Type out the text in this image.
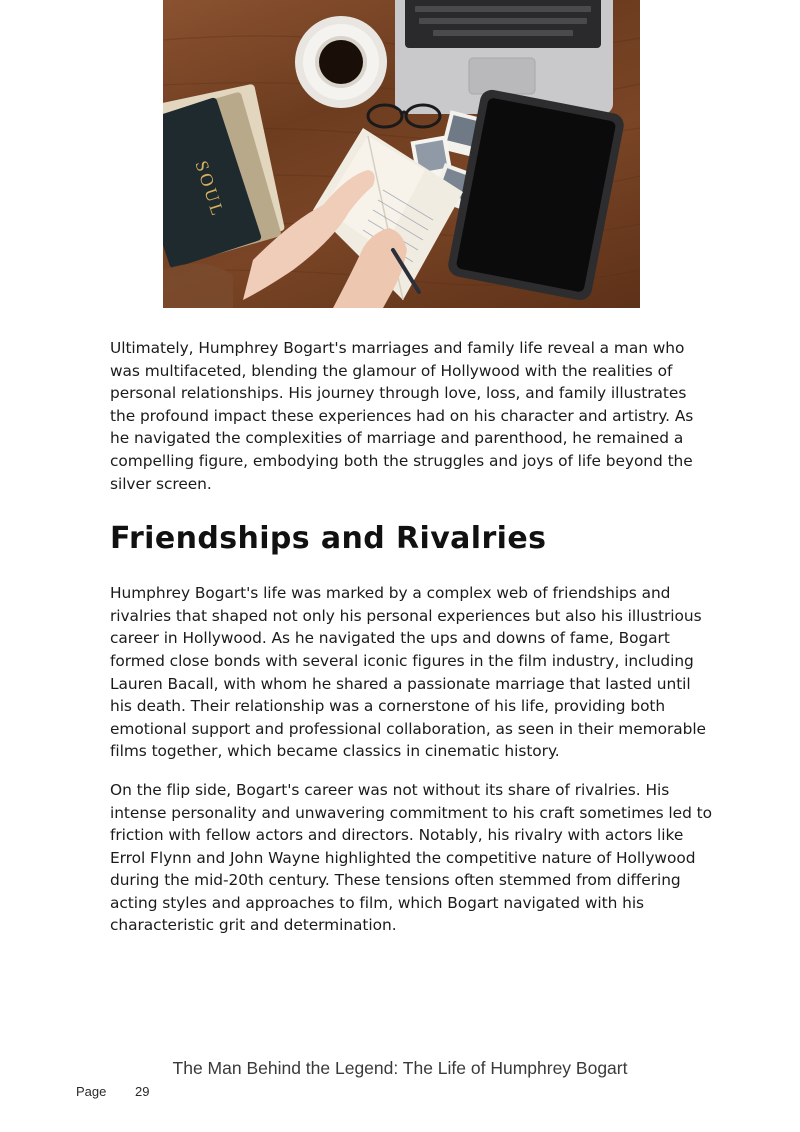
SOUL

Ultimately, Humphrey Bogart's marriages and family life reveal a man who was multifaceted, blending the glamour of Hollywood with the realities of personal relationships. His journey through love, loss, and family illustrates the profound impact these experiences had on his character and artistry. As he navigated the complexities of marriage and parenthood, he remained a compelling figure, embodying both the struggles and joys of life beyond the silver screen.

Friendships and Rivalries

Humphrey Bogart's life was marked by a complex web of friendships and rivalries that shaped not only his personal experiences but also his illustrious career in Hollywood. As he navigated the ups and downs of fame, Bogart formed close bonds with several iconic figures in the film industry, including Lauren Bacall, with whom he shared a passionate marriage that lasted until his death. Their relationship was a cornerstone of his life, providing both emotional support and professional collaboration, as seen in their memorable films together, which became classics in cinematic history.

On the flip side, Bogart's career was not without its share of rivalries. His intense personality and unwavering commitment to his craft sometimes led to friction with fellow actors and directors. Notably, his rivalry with actors like Errol Flynn and John Wayne highlighted the competitive nature of Hollywood during the mid-20th century. These tensions often stemmed from differing acting styles and approaches to film, which Bogart navigated with his characteristic grit and determination.

The Man Behind the Legend: The Life of Humphrey Bogart
Page 29
